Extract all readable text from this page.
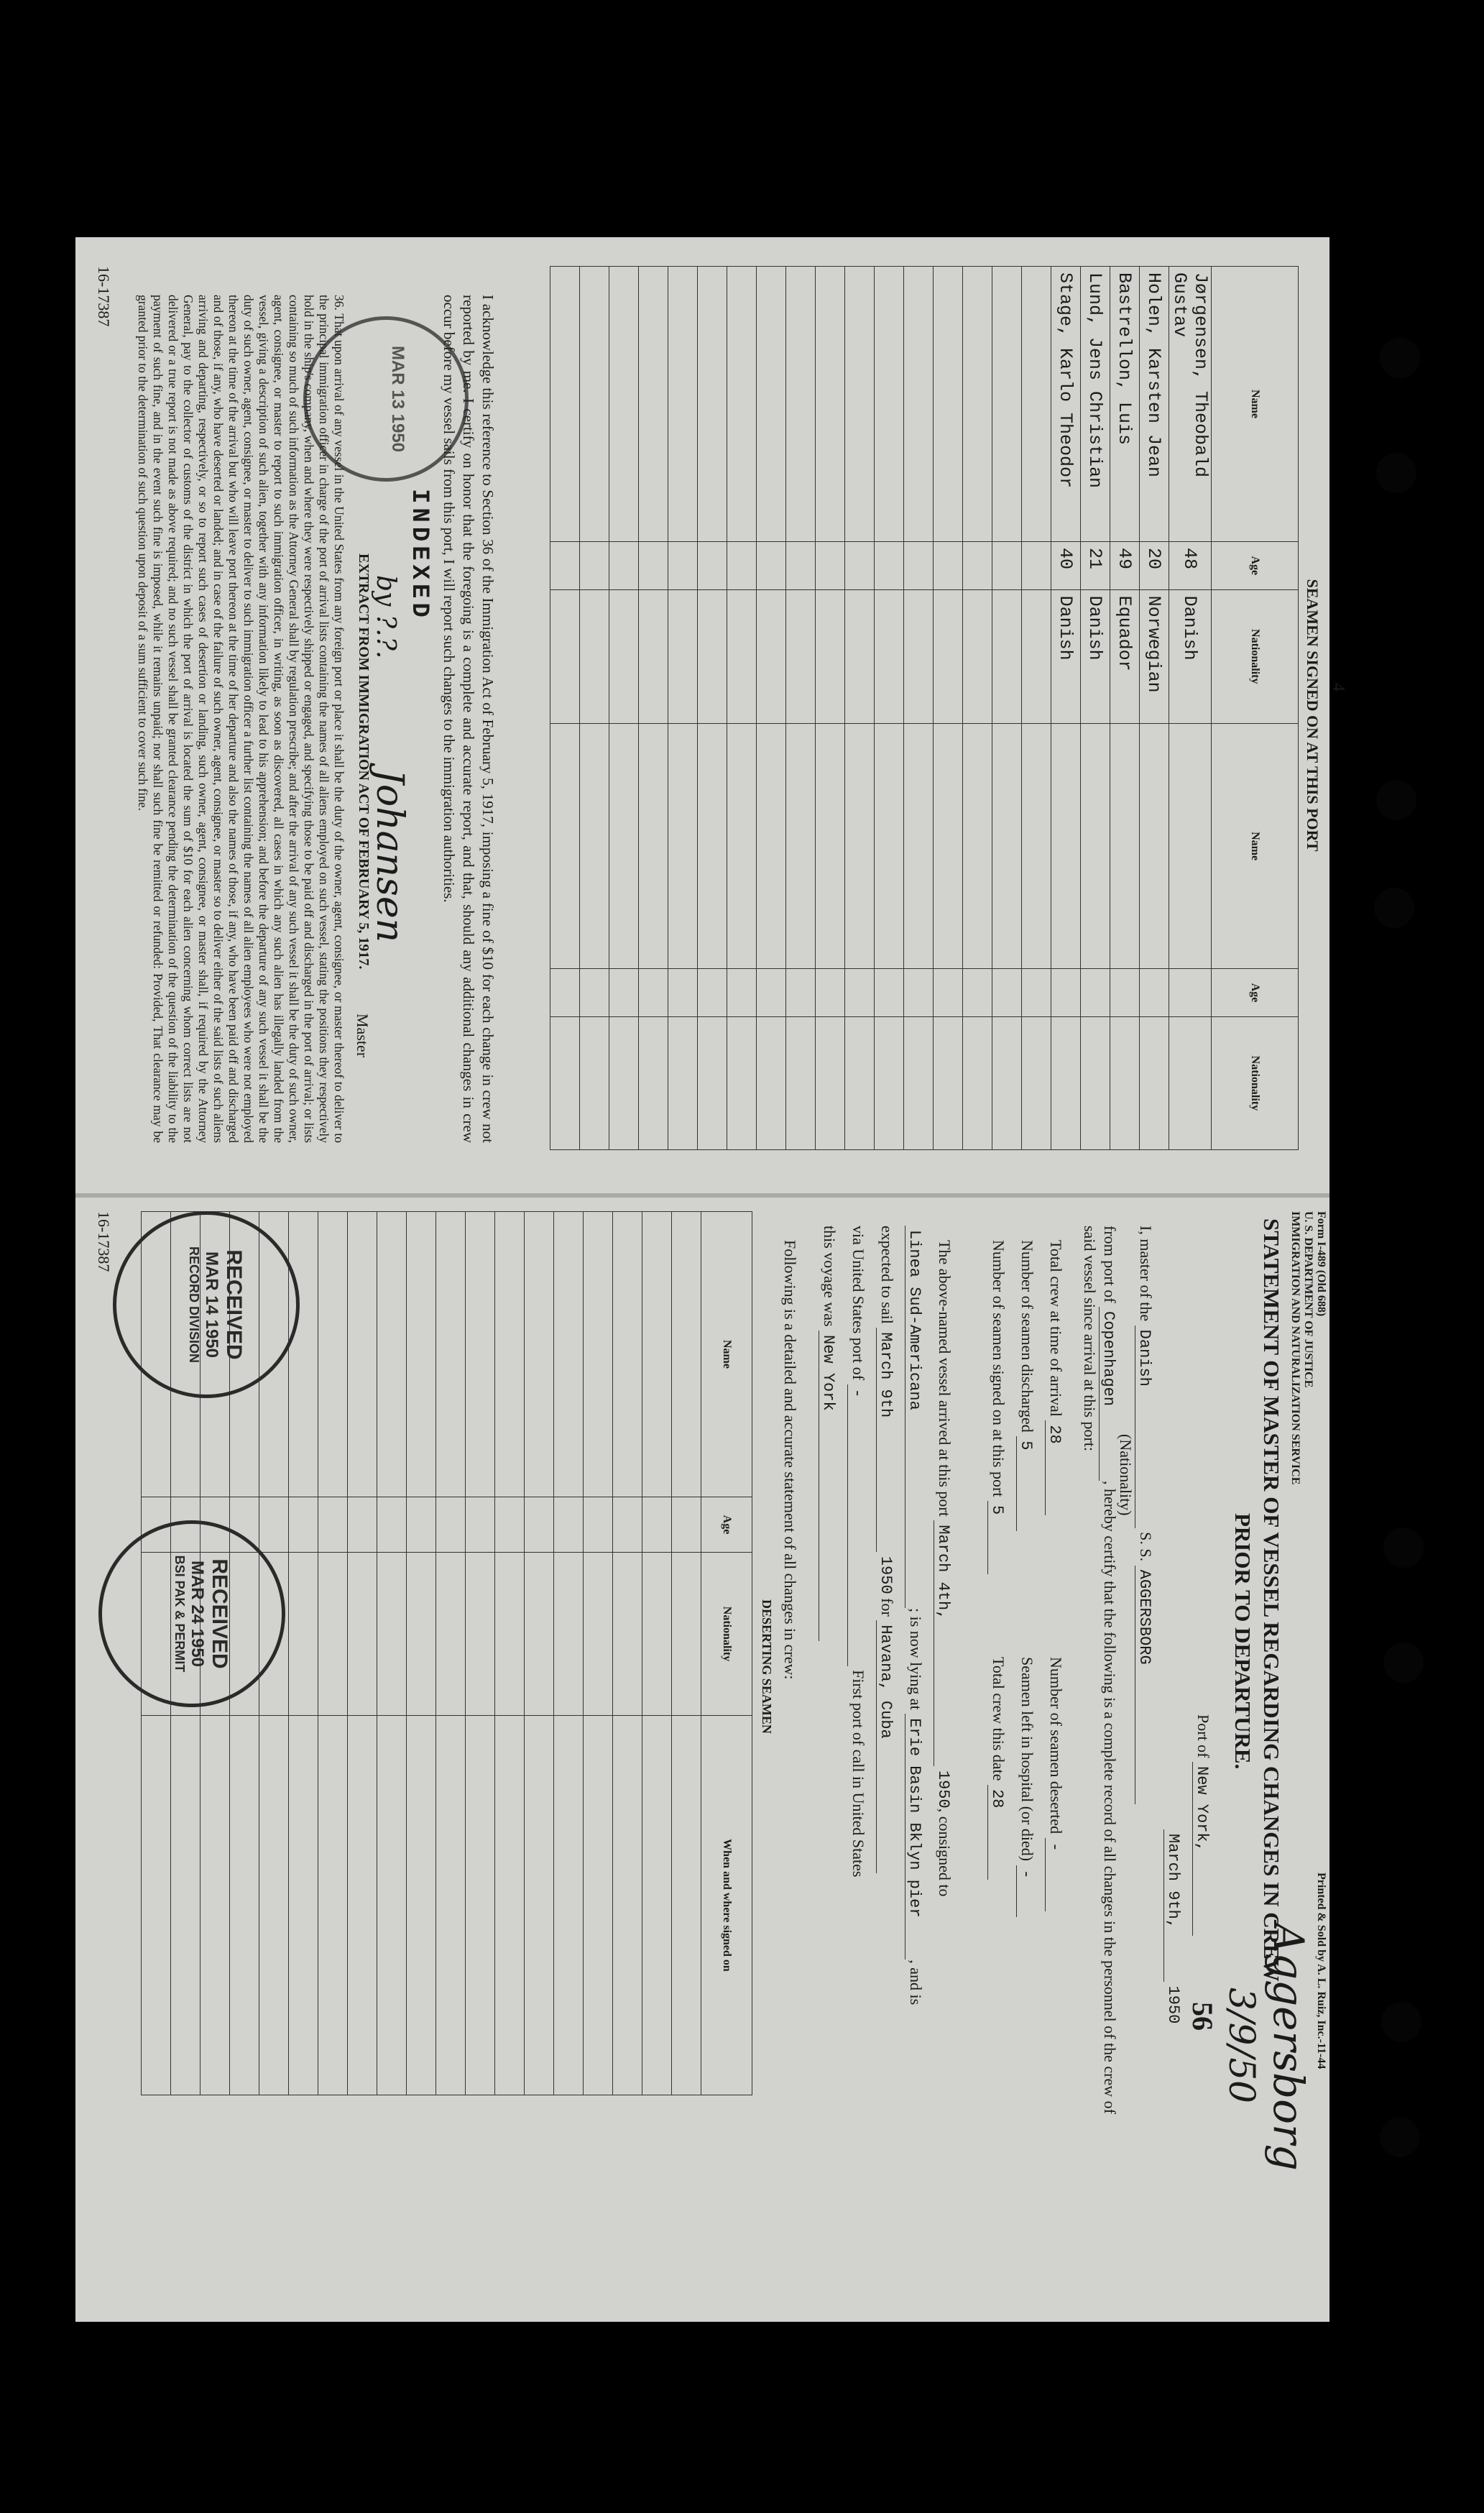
4
SEAMEN SIGNED ON AT THIS PORT
Name	Age	Nationality	Name	Age	Nationality
Jørgensen, Theobald Gustav	48	Danish			
Holen, Karsten Jean	20	Norwegian			
Bastrellon, Luis	49	Equador			
Lund, Jens Christian	21	Danish			
Stage, Karlo Theodor	40	Danish			

I acknowledge this reference to Section 36 of the Immigration Act of February 5, 1917, imposing a fine of $10 for each change in crew not reported by me. I certify on honor that the foregoing is a complete and accurate report, and that, should any additional changes in crew occur before my vessel sails from this port, I will report such changes to the immigration authorities.
Johansen
Master
EXTRACT FROM IMMIGRATION ACT OF FEBRUARY 5, 1917.
36. That upon arrival of any vessel in the United States from any foreign port or place it shall be the duty of the owner, agent, consignee, or master thereof to deliver to the principal immigration officer in charge of the port of arrival lists containing the names of all aliens employed on such vessel, stating the positions they respectively hold in the ship's company, when and where they were respectively shipped or engaged, and specifying those to be paid off and discharged in the port of arrival; or lists containing so much of such information as the Attorney General shall by regulation prescribe; and after the arrival of any such vessel it shall be the duty of such owner, agent, consignee, or master to report to such immigration officer, in writing, as soon as discovered, all cases in which any such alien has illegally landed from the vessel, giving a description of such alien, together with any information likely to lead to his apprehension; and before the departure of any such vessel it shall be the duty of such owner, agent, consignee, or master to deliver to such immigration officer a further list containing the names of all alien employees who were not employed thereon at the time of the arrival but who will leave port thereon at the time of her departure and also the names of those, if any, who have been paid off and discharged and of those, if any, who have deserted or landed; and in case of the failure of such owner, agent, consignee, or master so to deliver either of the said lists of such aliens arriving and departing, respectively, or so to report such cases of desertion or landing, such owner, agent, consignee, or master shall, if required by the Attorney General, pay to the collector of customs of the district in which the port of arrival is located the sum of $10 for each alien concerning whom correct lists are not delivered or a true report is not made as above required; and no such vessel shall be granted clearance pending the determination of the question of the liability to the payment of such fine, and in the event such fine is imposed, while it remains unpaid; nor shall such fine be remitted or refunded: Provided, That clearance may be granted prior to the determination of such question upon deposit of a sum sufficient to cover such fine.
16-17387
MAR 13 1950
INDEXED
by ?.?.
Form I-489 (Old 688)
U. S. DEPARTMENT OF JUSTICE
IMMIGRATION AND NATURALIZATION SERVICE
Printed & Sold by A. L. Ruiz, Inc.-11-44
Aggersborg
3/9/50
56
STATEMENT OF MASTER OF VESSEL REGARDING CHANGES IN CREW
PRIOR TO DEPARTURE.
Port of New York,
March 9th, 1950
I, master of the Danish S. S. AGGERSBORG
(Nationality)
from port of Copenhagen, hereby certify that the following is a complete record of all changes in the personnel of the crew of said vessel since arrival at this port:
Total crew at time of arrival 28
Number of seamen deserted -
Number of seamen discharged 5
Seamen left in hospital (or died) -
Number of seamen signed on at this port 5
Total crew this date 28
The above-named vessel arrived at this port March 4th, 1950, consigned to
Linea Sud-Americana; is now lying at Erie Basin Bklyn pier, and is
expected to sail March 9th 1950 for Havana, Cuba
via United States port of - First port of call in United States
this voyage was New York
Following is a detailed and accurate statement of all changes in crew:
DESERTING SEAMEN
Name	Age	Nationality	When and where signed on

RECEIVED
MAR 14 1950
RECORD DIVISION
RECEIVED
MAR 24 1950
BSI PAK & PERMIT
16-17387
